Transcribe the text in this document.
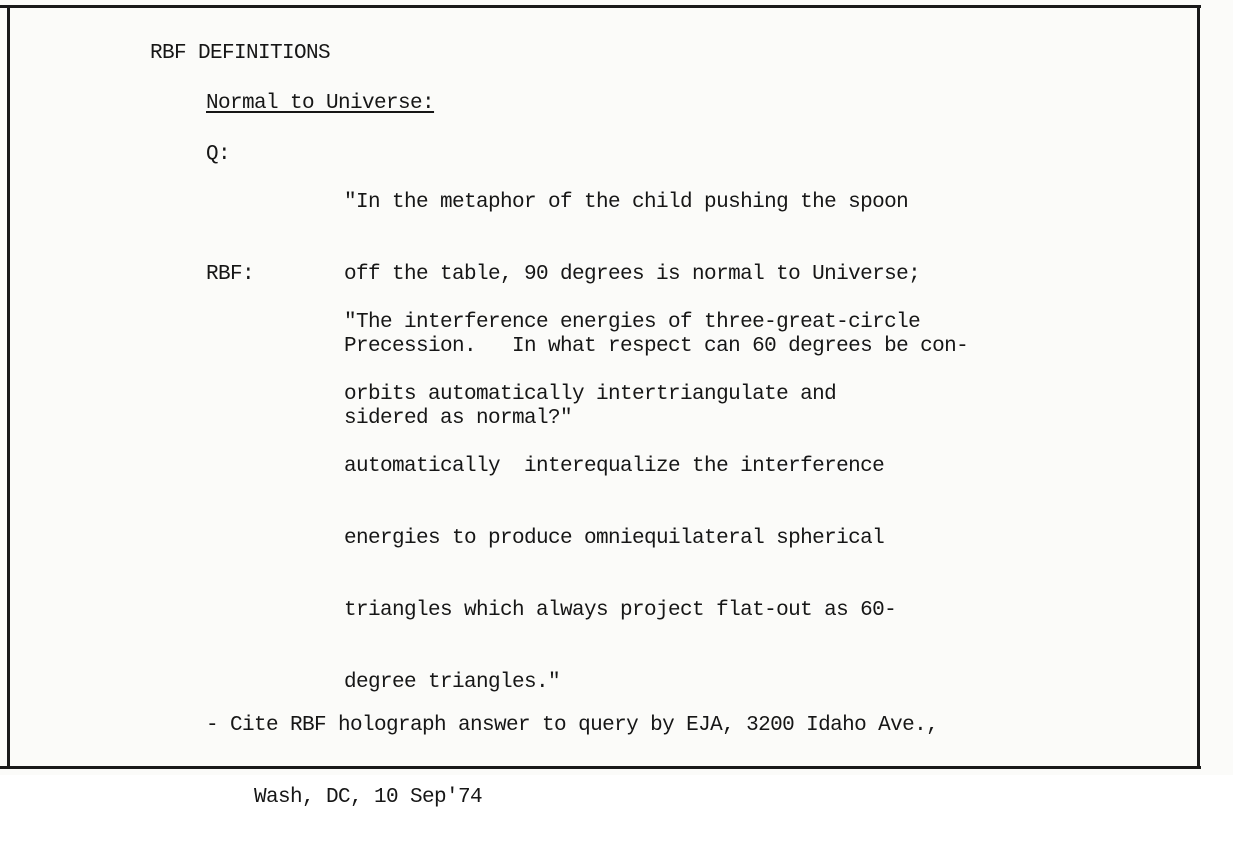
RBF DEFINITIONS

Normal to Universe:

Q:

"In the metaphor of the child pushing the spoon

off the table, 90 degrees is normal to Universe;

Precession.   In what respect can 60 degrees be con-

sidered as normal?"

RBF:

"The interference energies of three-great-circle

orbits automatically intertriangulate and

automatically  interequalize the interference

energies to produce omniequilateral spherical

triangles which always project flat-out as 60-

degree triangles."

- Cite RBF holograph answer to query by EJA, 3200 Idaho Ave.,

Wash, DC, 10 Sep'74
